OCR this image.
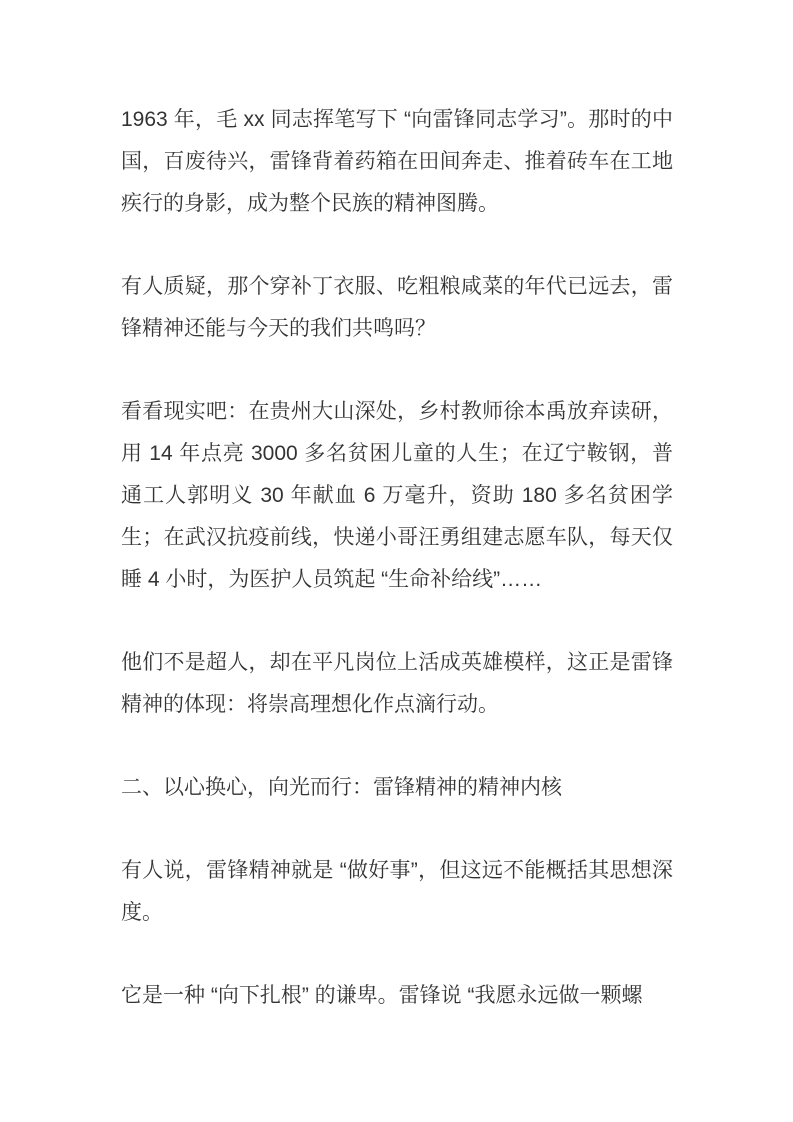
1963 年，毛 xx 同志挥笔写下 “向雷锋同志学习”。那时的中国，百废待兴，雷锋背着药箱在田间奔走、推着砖车在工地疾行的身影，成为整个民族的精神图腾。

有人质疑，那个穿补丁衣服、吃粗粮咸菜的年代已远去，雷锋精神还能与今天的我们共鸣吗？

看看现实吧：在贵州大山深处，乡村教师徐本禹放弃读研，用 14 年点亮 3000 多名贫困儿童的人生；在辽宁鞍钢，普通工人郭明义 30 年献血 6 万毫升，资助 180 多名贫困学生；在武汉抗疫前线，快递小哥汪勇组建志愿车队，每天仅睡 4 小时，为医护人员筑起 “生命补给线”……

他们不是超人，却在平凡岗位上活成英雄模样，这正是雷锋精神的体现：将崇高理想化作点滴行动。

二、以心换心，向光而行：雷锋精神的精神内核

有人说，雷锋精神就是 “做好事”，但这远不能概括其思想深度。

它是一种 “向下扎根” 的谦卑。雷锋说 “我愿永远做一颗螺
